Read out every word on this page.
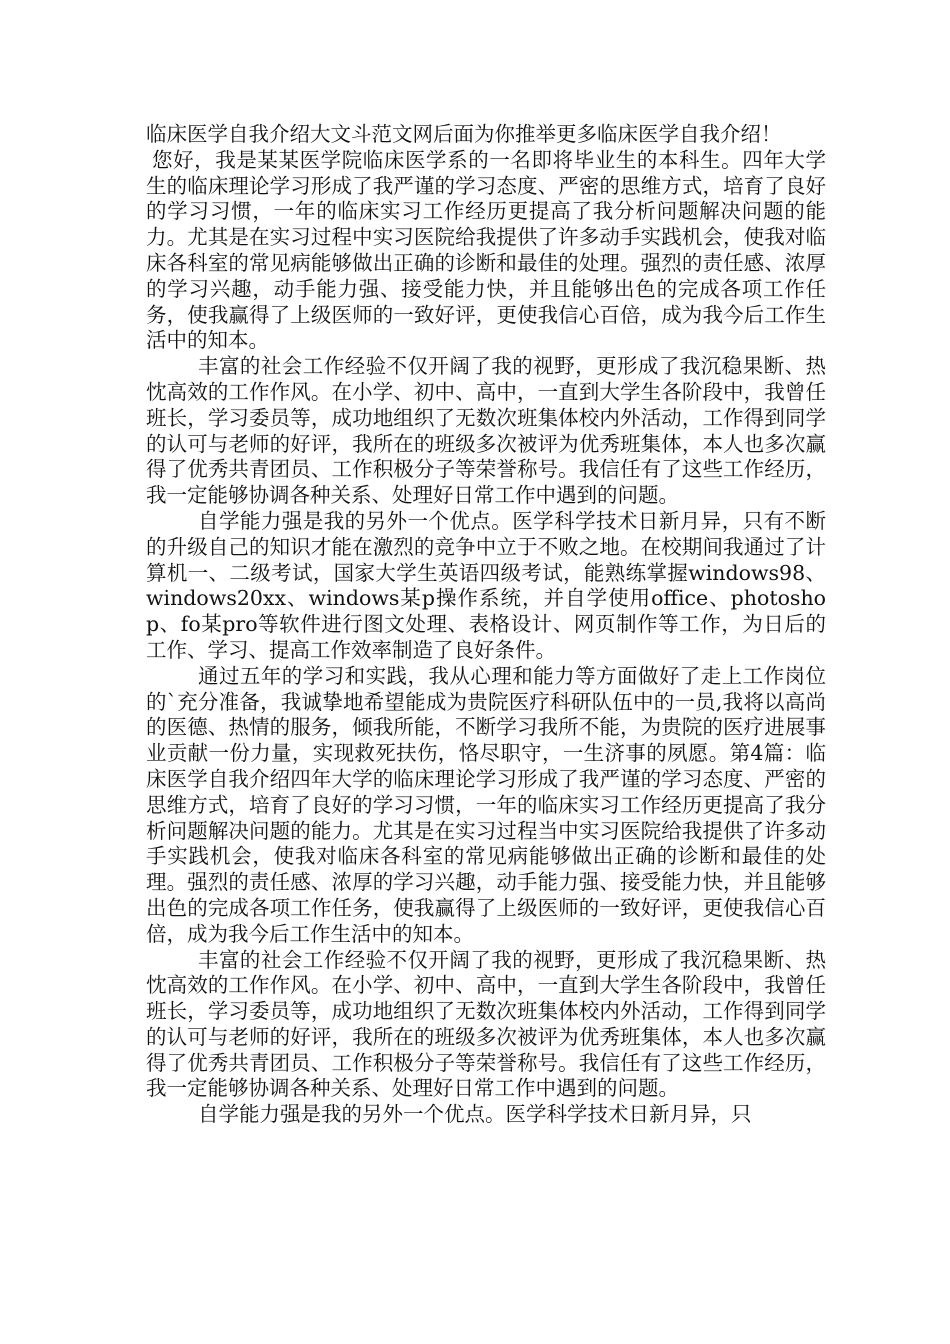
临床医学自我介绍大文斗范文网后面为你推举更多临床医学自我介绍！

您好，我是某某医学院临床医学系的一名即将毕业生的本科生。四年大学生的临床理论学习形成了我严谨的学习态度、严密的思维方式，培育了良好的学习习惯，一年的临床实习工作经历更提高了我分析问题解决问题的能力。尤其是在实习过程中实习医院给我提供了许多动手实践机会，使我对临床各科室的常见病能够做出正确的诊断和最佳的处理。强烈的责任感、浓厚的学习兴趣，动手能力强、接受能力快，并且能够出色的完成各项工作任务，使我赢得了上级医师的一致好评，更使我信心百倍，成为我今后工作生活中的知本。

丰富的社会工作经验不仅开阔了我的视野，更形成了我沉稳果断、热忱高效的工作作风。在小学、初中、高中，一直到大学生各阶段中，我曾任班长，学习委员等，成功地组织了无数次班集体校内外活动，工作得到同学的认可与老师的好评，我所在的班级多次被评为优秀班集体，本人也多次赢得了优秀共青团员、工作积极分子等荣誉称号。我信任有了这些工作经历，我一定能够协调各种关系、处理好日常工作中遇到的问题。

自学能力强是我的另外一个优点。医学科学技术日新月异，只有不断的升级自己的知识才能在激烈的竞争中立于不败之地。在校期间我通过了计算机一、二级考试，国家大学生英语四级考试，能熟练掌握windows98、windows20xx、windows某p操作系统，并自学使用office、photoshop、fo某pro等软件进行图文处理、表格设计、网页制作等工作，为日后的工作、学习、提高工作效率制造了良好条件。

通过五年的学习和实践，我从心理和能力等方面做好了走上工作岗位的`充分准备，我诚挚地希望能成为贵院医疗科研队伍中的一员,我将以高尚的医德、热情的服务，倾我所能，不断学习我所不能，为贵院的医疗进展事业贡献一份力量，实现救死扶伤，恪尽职守，一生济事的夙愿。第4篇：临床医学自我介绍四年大学的临床理论学习形成了我严谨的学习态度、严密的思维方式，培育了良好的学习习惯，一年的临床实习工作经历更提高了我分析问题解决问题的能力。尤其是在实习过程当中实习医院给我提供了许多动手实践机会，使我对临床各科室的常见病能够做出正确的诊断和最佳的处理。强烈的责任感、浓厚的学习兴趣，动手能力强、接受能力快，并且能够出色的完成各项工作任务，使我赢得了上级医师的一致好评，更使我信心百倍，成为我今后工作生活中的知本。

丰富的社会工作经验不仅开阔了我的视野，更形成了我沉稳果断、热忱高效的工作作风。在小学、初中、高中，一直到大学生各阶段中，我曾任班长，学习委员等，成功地组织了无数次班集体校内外活动，工作得到同学的认可与老师的好评，我所在的班级多次被评为优秀班集体，本人也多次赢得了优秀共青团员、工作积极分子等荣誉称号。我信任有了这些工作经历，我一定能够协调各种关系、处理好日常工作中遇到的问题。

自学能力强是我的另外一个优点。医学科学技术日新月异，只
